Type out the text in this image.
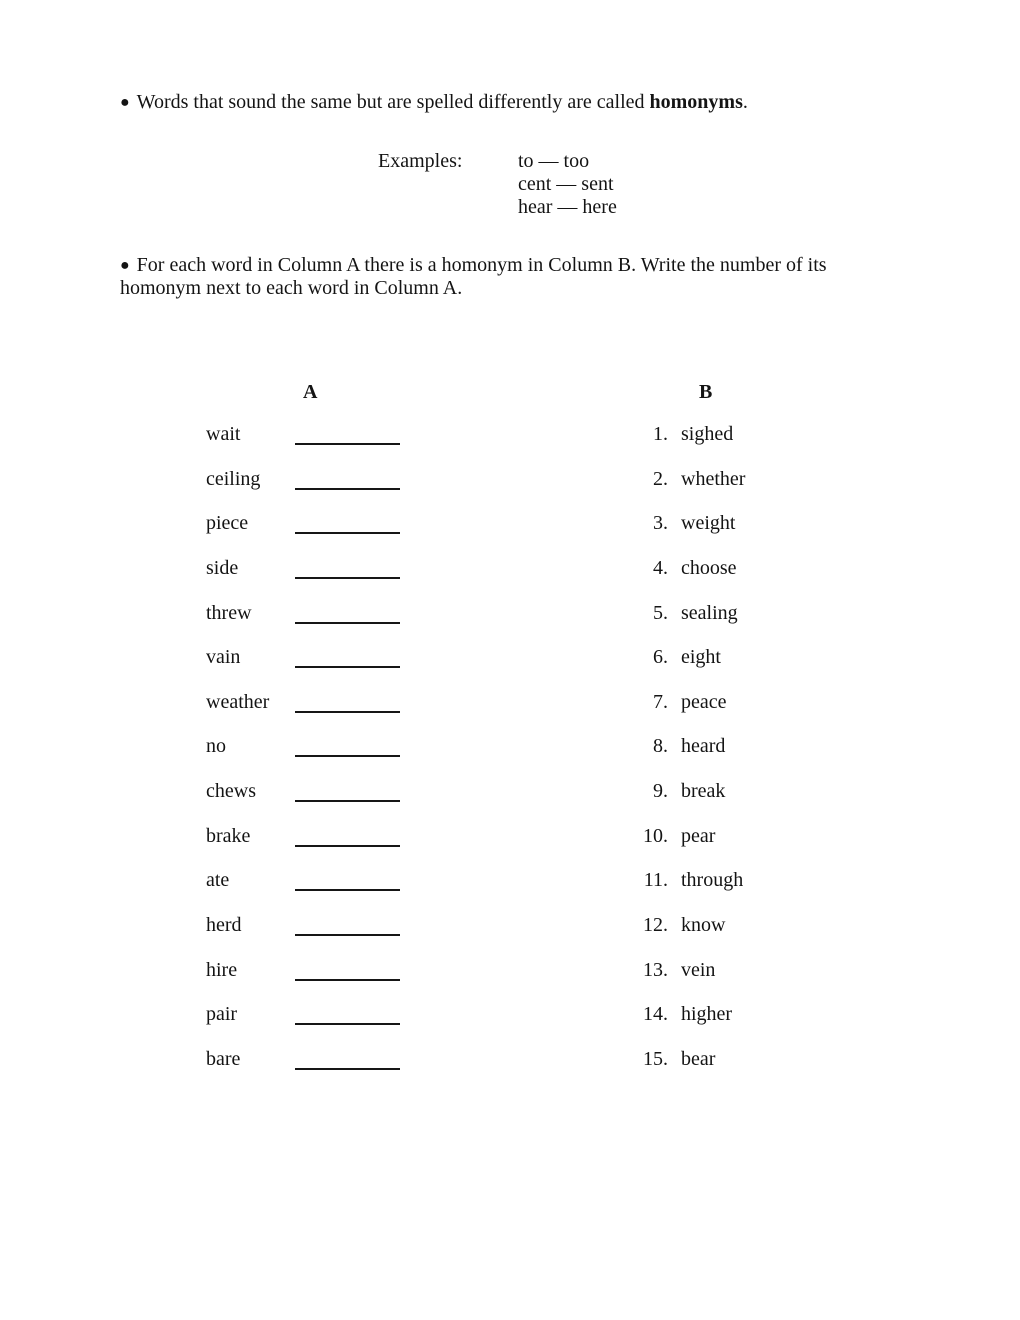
● Words that sound the same but are spelled differently are called homonyms.
Examples:	to — too
cent — sent
hear — here
● For each word in Column A there is a homonym in Column B. Write the number of its homonym next to each word in Column A.
A	B
wait
ceiling
piece
side
threw
vain
weather
no
chews
brake
ate
herd
hire
pair
bare
1. sighed
2. whether
3. weight
4. choose
5. sealing
6. eight
7. peace
8. heard
9. break
10. pear
11. through
12. know
13. vein
14. higher
15. bear
